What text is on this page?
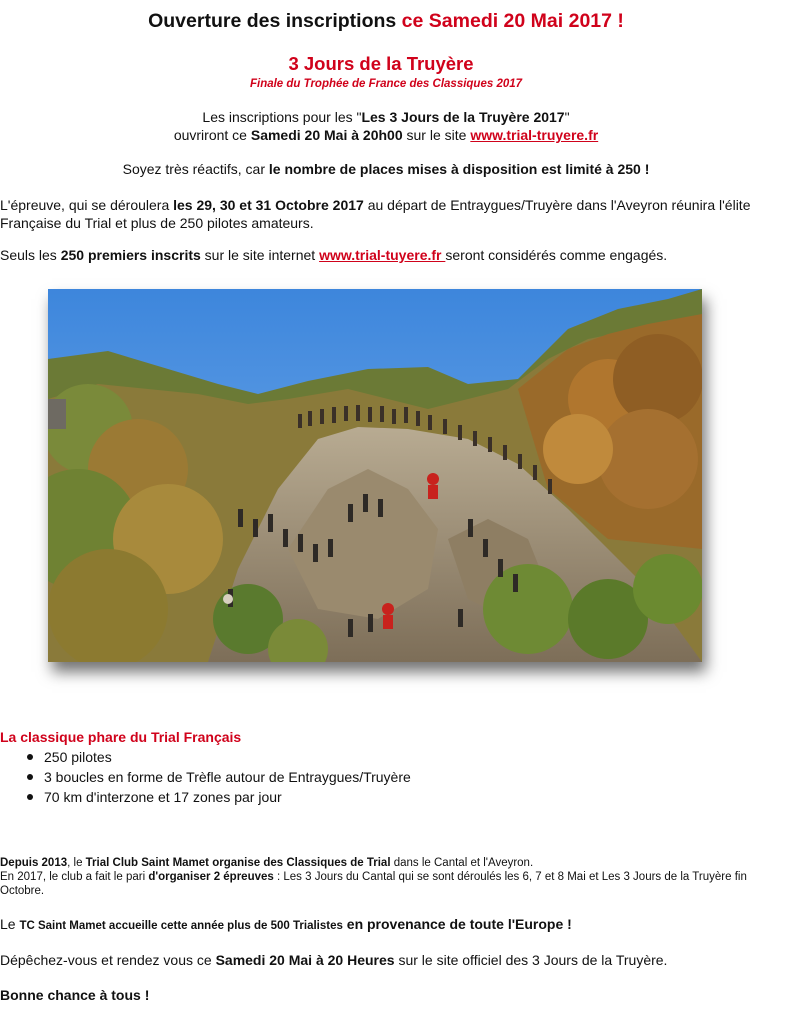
Ouverture des inscriptions ce Samedi 20 Mai 2017 !
3 Jours de la Truyère
Finale du Trophée de France des Classiques 2017
Les inscriptions pour les "Les 3 Jours de la Truyère 2017"
ouvriront ce Samedi 20 Mai à 20h00 sur le site www.trial-truyere.fr
Soyez très réactifs, car le nombre de places mises à disposition est limité à 250 !
L'épreuve, qui se déroulera les 29, 30 et 31 Octobre 2017 au départ de Entraygues/Truyère dans l'Aveyron réunira l'élite Française du Trial et plus de 250 pilotes amateurs.
Seuls les 250 premiers inscrits sur le site internet www.trial-tuyere.fr seront considérés comme engagés.
La classique phare du Trial Français
250 pilotes
3 boucles en forme de Trèfle autour de Entraygues/Truyère
70 km d'interzone et 17 zones par jour
Depuis 2013, le Trial Club Saint Mamet organise des Classiques de Trial dans le Cantal et l'Aveyron.
En 2017, le club a fait le pari d'organiser 2 épreuves : Les 3 Jours du Cantal qui se sont déroulés les 6, 7 et 8 Mai et Les 3 Jours de la Truyère fin Octobre.
Le TC Saint Mamet accueille cette année plus de 500 Trialistes en provenance de toute l'Europe !
Dépêchez-vous et rendez vous ce Samedi 20 Mai à 20 Heures sur le site officiel des 3 Jours de la Truyère.
Bonne chance à tous !
